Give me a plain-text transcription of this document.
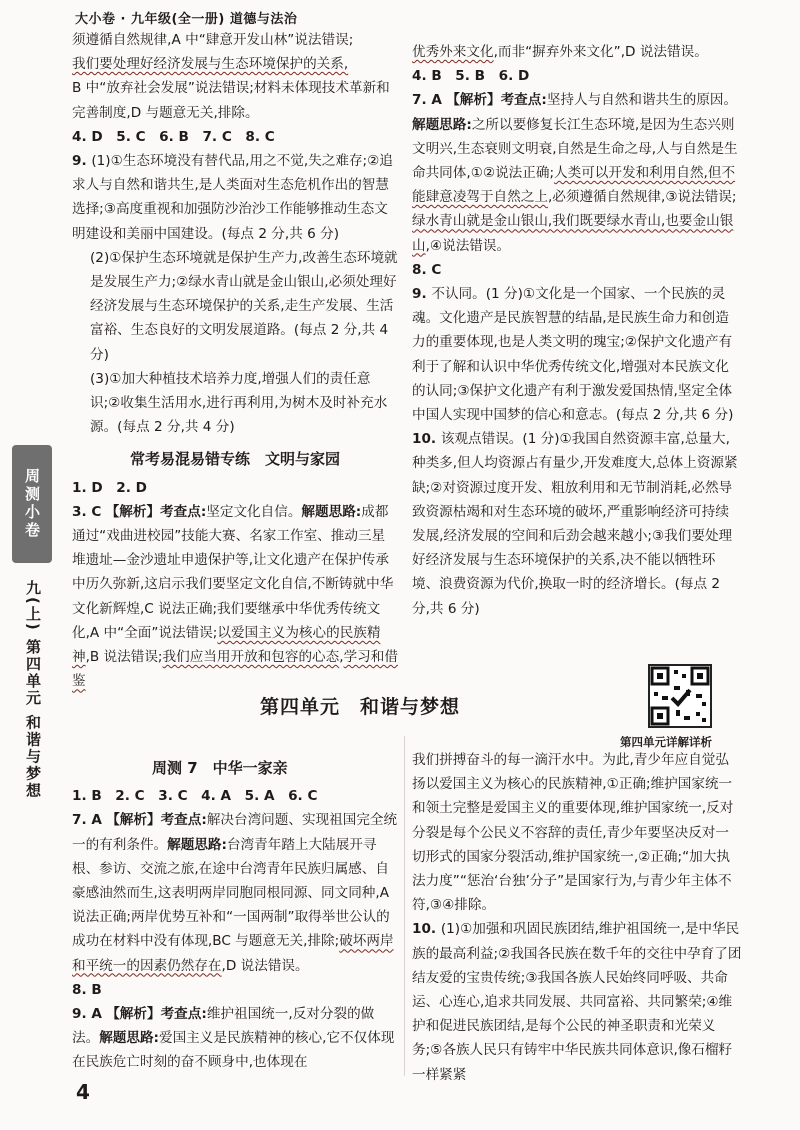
大小卷 · 九年级(全一册) 道德与法治
周测小卷
九(上) 第四单元 和谐与梦想
须遵循自然规律,A 中“肆意开发山林”说法错误;
我们要处理好经济发展与生态环境保护的关系,
B 中“放弃社会发展”说法错误;材料未体现技术革新和完善制度,D 与题意无关,排除。
4. D　5. C　6. B　7. C　8. C
9. (1)①生态环境没有替代品,用之不觉,失之难存;②追求人与自然和谐共生,是人类面对生态危机作出的智慧选择;③高度重视和加强防沙治沙工作能够推动生态文明建设和美丽中国建设。(每点 2 分,共 6 分)
(2)①保护生态环境就是保护生产力,改善生态环境就是发展生产力;②绿水青山就是金山银山,必须处理好经济发展与生态环境保护的关系,走生产发展、生活富裕、生态良好的文明发展道路。(每点 2 分,共 4 分)
(3)①加大种植技术培养力度,增强人们的责任意识;②收集生活用水,进行再利用,为树木及时补充水源。(每点 2 分,共 4 分)
常考易混易错专练　文明与家园
1. D　2. D
3. C 【解析】考查点:坚定文化自信。解题思路:成都通过“戏曲进校园”技能大赛、名家工作室、推动三星堆遗址—金沙遗址申遗保护等,让文化遗产在保护传承中历久弥新,这启示我们要坚定文化自信,不断铸就中华文化新辉煌,C 说法正确;我们要继承中华优秀传统文化,A 中“全面”说法错误;以爱国主义为核心的民族精神,B 说法错误;我们应当用开放和包容的心态,学习和借鉴
优秀外来文化,而非“摒弃外来文化”,D 说法错误。
4. B　5. B　6. D
7. A 【解析】考查点:坚持人与自然和谐共生的原因。解题思路:之所以要修复长江生态环境,是因为生态兴则文明兴,生态衰则文明衰,自然是生命之母,人与自然是生命共同体,①②说法正确;人类可以开发和利用自然,但不能肆意凌驾于自然之上,必须遵循自然规律,③说法错误;绿水青山就是金山银山,我们既要绿水青山,也要金山银山,④说法错误。
8. C
9. 不认同。(1 分)①文化是一个国家、一个民族的灵魂。文化遗产是民族智慧的结晶,是民族生命力和创造力的重要体现,也是人类文明的瑰宝;②保护文化遗产有利于了解和认识中华优秀传统文化,增强对本民族文化的认同;③保护文化遗产有利于激发爱国热情,坚定全体中国人实现中国梦的信心和意志。(每点 2 分,共 6 分)
10. 该观点错误。(1 分)①我国自然资源丰富,总量大,种类多,但人均资源占有量少,开发难度大,总体上资源紧缺;②对资源过度开发、粗放利用和无节制消耗,必然导致资源枯竭和对生态环境的破坏,严重影响经济可持续发展,经济发展的空间和后劲会越来越小;③我们要处理好经济发展与生态环境保护的关系,决不能以牺牲环境、浪费资源为代价,换取一时的经济增长。(每点 2 分,共 6 分)
第四单元　和谐与梦想
第四单元详解详析
周测 7　中华一家亲
1. B　2. C　3. C　4. A　5. A　6. C
7. A 【解析】考查点:解决台湾问题、实现祖国完全统一的有利条件。解题思路:台湾青年踏上大陆展开寻根、参访、交流之旅,在途中台湾青年民族归属感、自豪感油然而生,这表明两岸同胞同根同源、同文同种,A 说法正确;两岸优势互补和“一国两制”取得举世公认的成功在材料中没有体现,BC 与题意无关,排除;破坏两岸和平统一的因素仍然存在,D 说法错误。
8. B
9. A 【解析】考查点:维护祖国统一,反对分裂的做法。解题思路:爱国主义是民族精神的核心,它不仅体现在民族危亡时刻的奋不顾身中,也体现在
我们拼搏奋斗的每一滴汗水中。为此,青少年应自觉弘扬以爱国主义为核心的民族精神,①正确;维护国家统一和领土完整是爱国主义的重要体现,维护国家统一,反对分裂是每个公民义不容辞的责任,青少年要坚决反对一切形式的国家分裂活动,维护国家统一,②正确;“加大执法力度”“惩治‘台独’分子”是国家行为,与青少年主体不符,③④排除。
10. (1)①加强和巩固民族团结,维护祖国统一,是中华民族的最高利益;②我国各民族在数千年的交往中孕育了团结友爱的宝贵传统;③我国各族人民始终同呼吸、共命运、心连心,追求共同发展、共同富裕、共同繁荣;④维护和促进民族团结,是每个公民的神圣职责和光荣义务;⑤各族人民只有铸牢中华民族共同体意识,像石榴籽一样紧紧
4
